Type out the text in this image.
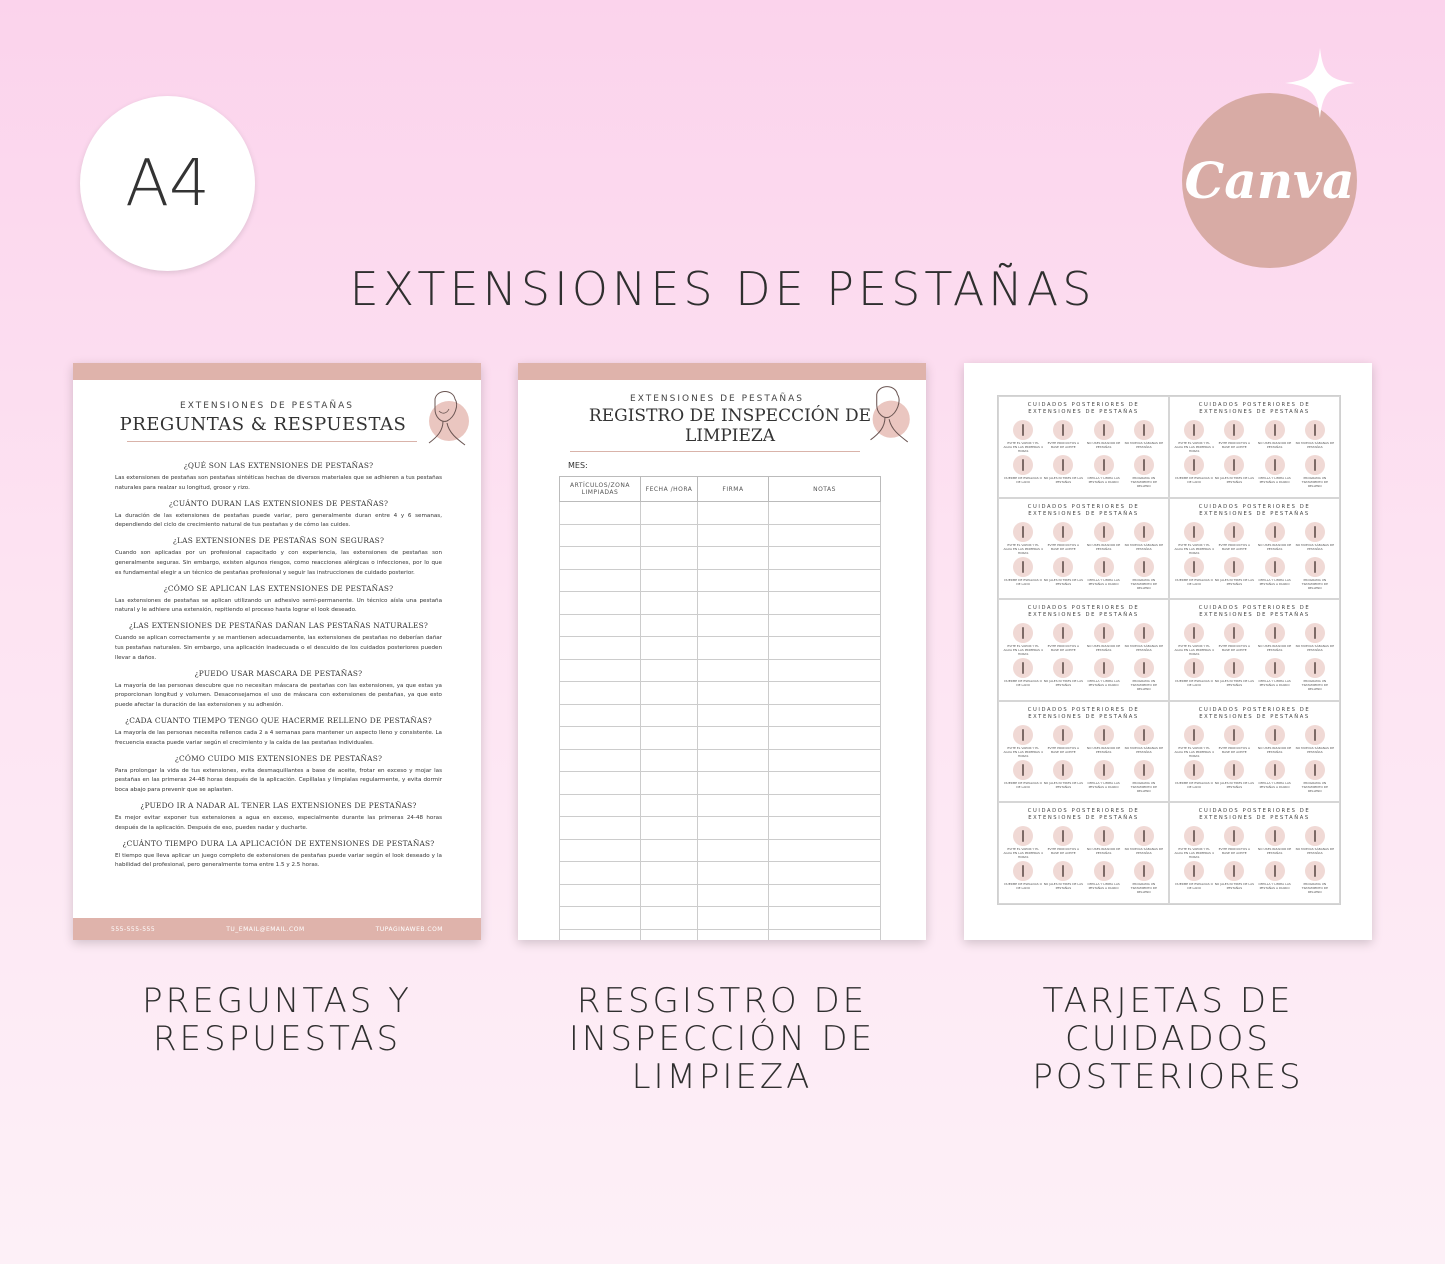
A4	Canva
EXTENSIONES DE PESTAÑAS
EXTENSIONES DE PESTAÑAS
PREGUNTAS & RESPUESTAS
¿QUÉ SON LAS EXTENSIONES DE PESTAÑAS?
Las extensiones de pestañas son pestañas sintéticas hechas de diversos materiales que se adhieren a tus pestañas naturales para realzar su longitud, grosor y rizo.
¿CUÁNTO DURAN LAS EXTENSIONES DE PESTAÑAS?
La duración de las extensiones de pestañas puede variar, pero generalmente duran entre 4 y 6 semanas, dependiendo del ciclo de crecimiento natural de tus pestañas y de cómo las cuides.
¿LAS EXTENSIONES DE PESTAÑAS SON SEGURAS?
Cuando son aplicadas por un profesional capacitado y con experiencia, las extensiones de pestañas son generalmente seguras. Sin embargo, existen algunos riesgos, como reacciones alérgicas o infecciones, por lo que es fundamental elegir a un técnico de pestañas profesional y seguir las instrucciones de cuidado posterior.
¿CÓMO SE APLICAN LAS EXTENSIONES DE PESTAÑAS?
Las extensiones de pestañas se aplican utilizando un adhesivo semi-permanente. Un técnico aísla una pestaña natural y le adhiere una extensión, repitiendo el proceso hasta lograr el look deseado.
¿LAS EXTENSIONES DE PESTAÑAS DAÑAN LAS PESTAÑAS NATURALES?
Cuando se aplican correctamente y se mantienen adecuadamente, las extensiones de pestañas no deberían dañar tus pestañas naturales. Sin embargo, una aplicación inadecuada o el descuido de los cuidados posteriores pueden llevar a daños.
¿PUEDO USAR MASCARA DE PESTAÑAS?
La mayoría de las personas descubre que no necesitan máscara de pestañas con las extensiones, ya que estas ya proporcionan longitud y volumen. Desaconsejamos el uso de máscara con extensiones de pestañas, ya que esto puede afectar la duración de las extensiones y su adhesión.
¿CADA CUANTO TIEMPO TENGO QUE HACERME RELLENO DE PESTAÑAS?
La mayoría de las personas necesita rellenos cada 2 a 4 semanas para mantener un aspecto lleno y consistente. La frecuencia exacta puede variar según el crecimiento y la caída de las pestañas individuales.
¿CÓMO CUIDO MIS EXTENSIONES DE PESTAÑAS?
Para prolongar la vida de tus extensiones, evita desmaquillantes a base de aceite, frotar en exceso y mojar las pestañas en las primeras 24-48 horas después de la aplicación. Cepíllalas y límpialas regularmente, y evita dormir boca abajo para prevenir que se aplasten.
¿PUEDO IR A NADAR AL TENER LAS EXTENSIONES DE PESTAÑAS?
Es mejor evitar exponer tus extensiones a agua en exceso, especialmente durante las primeras 24-48 horas después de la aplicación. Después de eso, puedes nadar y ducharte.
¿CUÁNTO TIEMPO DURA LA APLICACIÓN DE EXTENSIONES DE PESTAÑAS?
El tiempo que lleva aplicar un juego completo de extensiones de pestañas puede variar según el look deseado y la habilidad del profesional, pero generalmente toma entre 1.5 y 2.5 horas.
555-555-555	TU_EMAIL@EMAIL.COM	TUPAGINAWEB.COM
EXTENSIONES DE PESTAÑAS
REGISTRO DE INSPECCIÓN DE
LIMPIEZA
MES:
ARTÍCULOS/ZONA LIMPIADAS	FECHA /HORA	FIRMA	NOTAS

CUIDADOS POSTERIORES DE
EXTENSIONES DE PESTAÑAS
EVITE EL VAPOR Y EL AGUA EN LAS PRIMERAS 4 HORAS
EVITE PRODUCTOS A BASE DE ACEITE
NO USES RIZADOR DE PESTAÑAS
NO MUEVAS SÁBANAS DE PESTAÑAS
DUERME DE ESPALDAS O DE LADO
NO JALES NI TIRES DE LAS PESTAÑAS
CEPILLA Y LIMPIA LAS PESTAÑAS A DIARIO
PROGRAMA UN TRATAMIENTO DE RELLENO
CUIDADOS POSTERIORES DE
EXTENSIONES DE PESTAÑAS
EVITE EL VAPOR Y EL AGUA EN LAS PRIMERAS 4 HORAS
EVITE PRODUCTOS A BASE DE ACEITE
NO USES RIZADOR DE PESTAÑAS
NO MUEVAS SÁBANAS DE PESTAÑAS
DUERME DE ESPALDAS O DE LADO
NO JALES NI TIRES DE LAS PESTAÑAS
CEPILLA Y LIMPIA LAS PESTAÑAS A DIARIO
PROGRAMA UN TRATAMIENTO DE RELLENO
CUIDADOS POSTERIORES DE
EXTENSIONES DE PESTAÑAS
EVITE EL VAPOR Y EL AGUA EN LAS PRIMERAS 4 HORAS
EVITE PRODUCTOS A BASE DE ACEITE
NO USES RIZADOR DE PESTAÑAS
NO MUEVAS SÁBANAS DE PESTAÑAS
DUERME DE ESPALDAS O DE LADO
NO JALES NI TIRES DE LAS PESTAÑAS
CEPILLA Y LIMPIA LAS PESTAÑAS A DIARIO
PROGRAMA UN TRATAMIENTO DE RELLENO
CUIDADOS POSTERIORES DE
EXTENSIONES DE PESTAÑAS
EVITE EL VAPOR Y EL AGUA EN LAS PRIMERAS 4 HORAS
EVITE PRODUCTOS A BASE DE ACEITE
NO USES RIZADOR DE PESTAÑAS
NO MUEVAS SÁBANAS DE PESTAÑAS
DUERME DE ESPALDAS O DE LADO
NO JALES NI TIRES DE LAS PESTAÑAS
CEPILLA Y LIMPIA LAS PESTAÑAS A DIARIO
PROGRAMA UN TRATAMIENTO DE RELLENO
CUIDADOS POSTERIORES DE
EXTENSIONES DE PESTAÑAS
EVITE EL VAPOR Y EL AGUA EN LAS PRIMERAS 4 HORAS
EVITE PRODUCTOS A BASE DE ACEITE
NO USES RIZADOR DE PESTAÑAS
NO MUEVAS SÁBANAS DE PESTAÑAS
DUERME DE ESPALDAS O DE LADO
NO JALES NI TIRES DE LAS PESTAÑAS
CEPILLA Y LIMPIA LAS PESTAÑAS A DIARIO
PROGRAMA UN TRATAMIENTO DE RELLENO
CUIDADOS POSTERIORES DE
EXTENSIONES DE PESTAÑAS
EVITE EL VAPOR Y EL AGUA EN LAS PRIMERAS 4 HORAS
EVITE PRODUCTOS A BASE DE ACEITE
NO USES RIZADOR DE PESTAÑAS
NO MUEVAS SÁBANAS DE PESTAÑAS
DUERME DE ESPALDAS O DE LADO
NO JALES NI TIRES DE LAS PESTAÑAS
CEPILLA Y LIMPIA LAS PESTAÑAS A DIARIO
PROGRAMA UN TRATAMIENTO DE RELLENO
CUIDADOS POSTERIORES DE
EXTENSIONES DE PESTAÑAS
EVITE EL VAPOR Y EL AGUA EN LAS PRIMERAS 4 HORAS
EVITE PRODUCTOS A BASE DE ACEITE
NO USES RIZADOR DE PESTAÑAS
NO MUEVAS SÁBANAS DE PESTAÑAS
DUERME DE ESPALDAS O DE LADO
NO JALES NI TIRES DE LAS PESTAÑAS
CEPILLA Y LIMPIA LAS PESTAÑAS A DIARIO
PROGRAMA UN TRATAMIENTO DE RELLENO
CUIDADOS POSTERIORES DE
EXTENSIONES DE PESTAÑAS
EVITE EL VAPOR Y EL AGUA EN LAS PRIMERAS 4 HORAS
EVITE PRODUCTOS A BASE DE ACEITE
NO USES RIZADOR DE PESTAÑAS
NO MUEVAS SÁBANAS DE PESTAÑAS
DUERME DE ESPALDAS O DE LADO
NO JALES NI TIRES DE LAS PESTAÑAS
CEPILLA Y LIMPIA LAS PESTAÑAS A DIARIO
PROGRAMA UN TRATAMIENTO DE RELLENO
CUIDADOS POSTERIORES DE
EXTENSIONES DE PESTAÑAS
EVITE EL VAPOR Y EL AGUA EN LAS PRIMERAS 4 HORAS
EVITE PRODUCTOS A BASE DE ACEITE
NO USES RIZADOR DE PESTAÑAS
NO MUEVAS SÁBANAS DE PESTAÑAS
DUERME DE ESPALDAS O DE LADO
NO JALES NI TIRES DE LAS PESTAÑAS
CEPILLA Y LIMPIA LAS PESTAÑAS A DIARIO
PROGRAMA UN TRATAMIENTO DE RELLENO
CUIDADOS POSTERIORES DE
EXTENSIONES DE PESTAÑAS
EVITE EL VAPOR Y EL AGUA EN LAS PRIMERAS 4 HORAS
EVITE PRODUCTOS A BASE DE ACEITE
NO USES RIZADOR DE PESTAÑAS
NO MUEVAS SÁBANAS DE PESTAÑAS
DUERME DE ESPALDAS O DE LADO
NO JALES NI TIRES DE LAS PESTAÑAS
CEPILLA Y LIMPIA LAS PESTAÑAS A DIARIO
PROGRAMA UN TRATAMIENTO DE RELLENO
PREGUNTAS Y
RESPUESTAS
RESGISTRO DE
INSPECCIÓN DE
LIMPIEZA
TARJETAS DE
CUIDADOS
POSTERIORES
